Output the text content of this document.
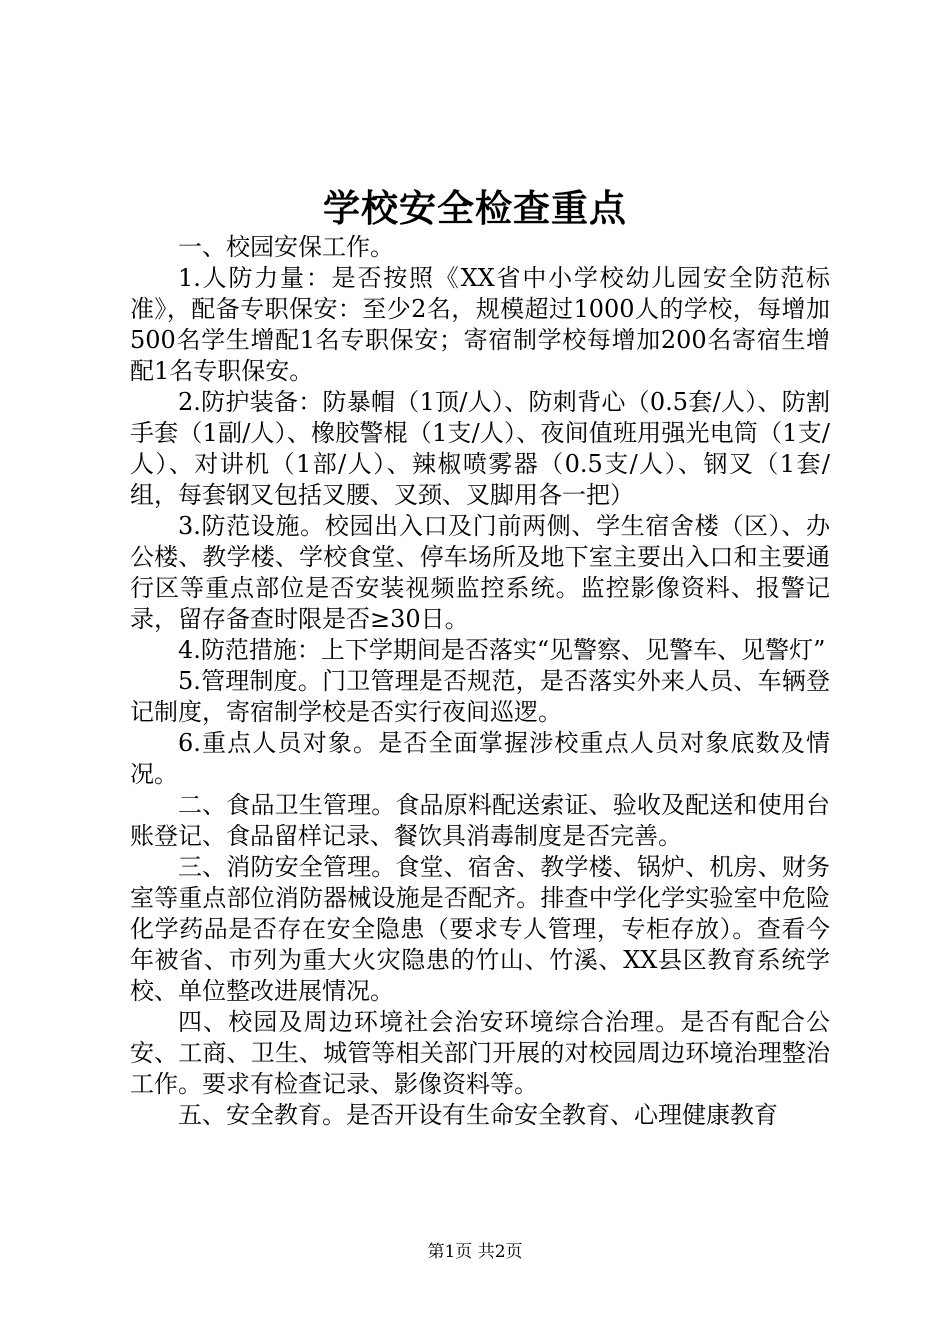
学校安全检查重点

一、校园安保工作。

1.人防力量：是否按照《XX省中小学校幼儿园安全防范标准》，配备专职保安：至少2名，规模超过1000人的学校，每增加500名学生增配1名专职保安；寄宿制学校每增加200名寄宿生增配1名专职保安。

2.防护装备：防暴帽（1顶/人）、防刺背心（0.5套/人）、防割手套（1副/人）、橡胶警棍（1支/人）、夜间值班用强光电筒（1支/人）、对讲机（1部/人）、辣椒喷雾器（0.5支/人）、钢叉（1套/组，每套钢叉包括叉腰、叉颈、叉脚用各一把）

3.防范设施。校园出入口及门前两侧、学生宿舍楼（区）、办公楼、教学楼、学校食堂、停车场所及地下室主要出入口和主要通行区等重点部位是否安装视频监控系统。监控影像资料、报警记录，留存备查时限是否≥30日。

4.防范措施：上下学期间是否落实“见警察、见警车、见警灯”

5.管理制度。门卫管理是否规范，是否落实外来人员、车辆登记制度，寄宿制学校是否实行夜间巡逻。

6.重点人员对象。是否全面掌握涉校重点人员对象底数及情况。

二、食品卫生管理。食品原料配送索证、验收及配送和使用台账登记、食品留样记录、餐饮具消毒制度是否完善。

三、消防安全管理。食堂、宿舍、教学楼、锅炉、机房、财务室等重点部位消防器械设施是否配齐。排查中学化学实验室中危险化学药品是否存在安全隐患（要求专人管理，专柜存放）。查看今年被省、市列为重大火灾隐患的竹山、竹溪、XX县区教育系统学校、单位整改进展情况。

四、校园及周边环境社会治安环境综合治理。是否有配合公安、工商、卫生、城管等相关部门开展的对校园周边环境治理整治工作。要求有检查记录、影像资料等。

五、安全教育。是否开设有生命安全教育、心理健康教育

第1页 共2页
